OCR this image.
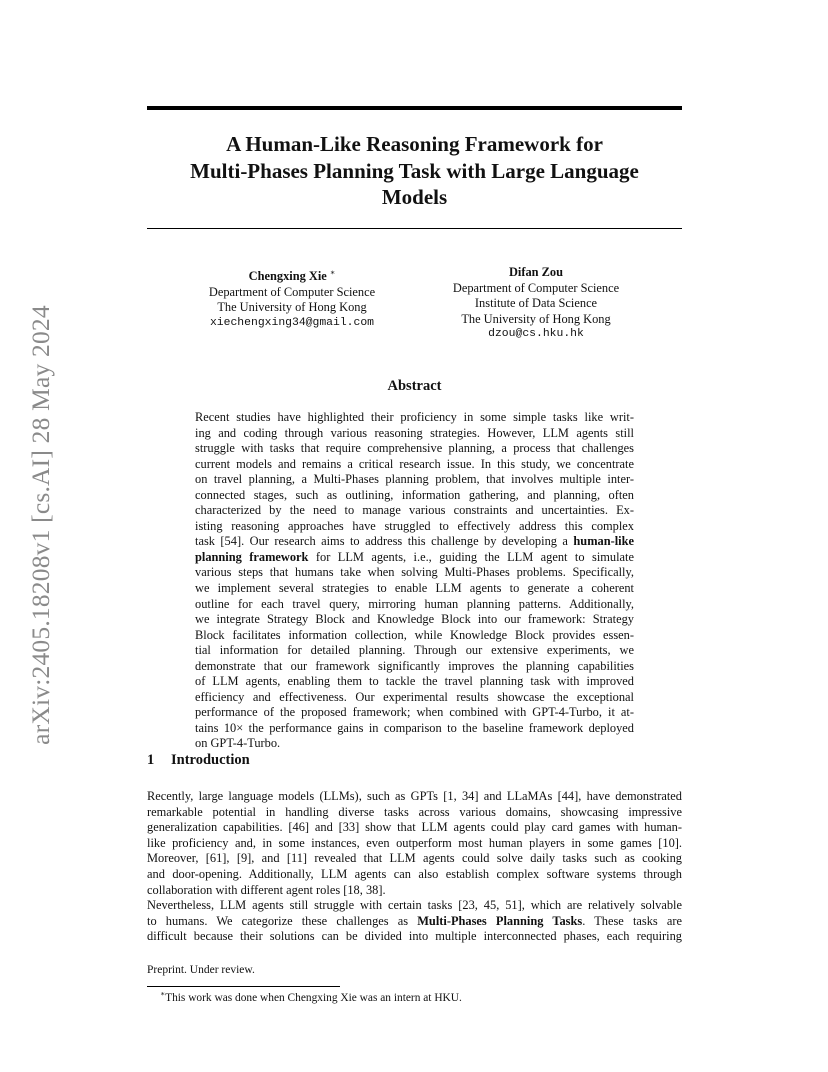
arXiv:2405.18208v1 [cs.AI] 28 May 2024
A Human-Like Reasoning Framework for
Multi-Phases Planning Task with Large Language
Models
Chengxing Xie ∗
Department of Computer Science
The University of Hong Kong
xiechengxing34@gmail.com
Difan Zou
Department of Computer Science
Institute of Data Science
The University of Hong Kong
dzou@cs.hku.hk
Abstract
Recent studies have highlighted their proficiency in some simple tasks like writ-
ing and coding through various reasoning strategies. However, LLM agents still
struggle with tasks that require comprehensive planning, a process that challenges
current models and remains a critical research issue. In this study, we concentrate
on travel planning, a Multi-Phases planning problem, that involves multiple inter-
connected stages, such as outlining, information gathering, and planning, often
characterized by the need to manage various constraints and uncertainties. Ex-
isting reasoning approaches have struggled to effectively address this complex
task [54]. Our research aims to address this challenge by developing a human-like
planning framework for LLM agents, i.e., guiding the LLM agent to simulate
various steps that humans take when solving Multi-Phases problems. Specifically,
we implement several strategies to enable LLM agents to generate a coherent
outline for each travel query, mirroring human planning patterns. Additionally,
we integrate Strategy Block and Knowledge Block into our framework: Strategy
Block facilitates information collection, while Knowledge Block provides essen-
tial information for detailed planning. Through our extensive experiments, we
demonstrate that our framework significantly improves the planning capabilities
of LLM agents, enabling them to tackle the travel planning task with improved
efficiency and effectiveness. Our experimental results showcase the exceptional
performance of the proposed framework; when combined with GPT-4-Turbo, it at-
tains 10× the performance gains in comparison to the baseline framework deployed
on GPT-4-Turbo.
1 Introduction
Recently, large language models (LLMs), such as GPTs [1, 34] and LLaMAs [44], have demonstrated
remarkable potential in handling diverse tasks across various domains, showcasing impressive
generalization capabilities. [46] and [33] show that LLM agents could play card games with human-
like proficiency and, in some instances, even outperform most human players in some games [10].
Moreover, [61], [9], and [11] revealed that LLM agents could solve daily tasks such as cooking
and door-opening. Additionally, LLM agents can also establish complex software systems through
collaboration with different agent roles [18, 38].
Nevertheless, LLM agents still struggle with certain tasks [23, 45, 51], which are relatively solvable
to humans. We categorize these challenges as Multi-Phases Planning Tasks. These tasks are
difficult because their solutions can be divided into multiple interconnected phases, each requiring
Preprint. Under review.
∗This work was done when Chengxing Xie was an intern at HKU.
